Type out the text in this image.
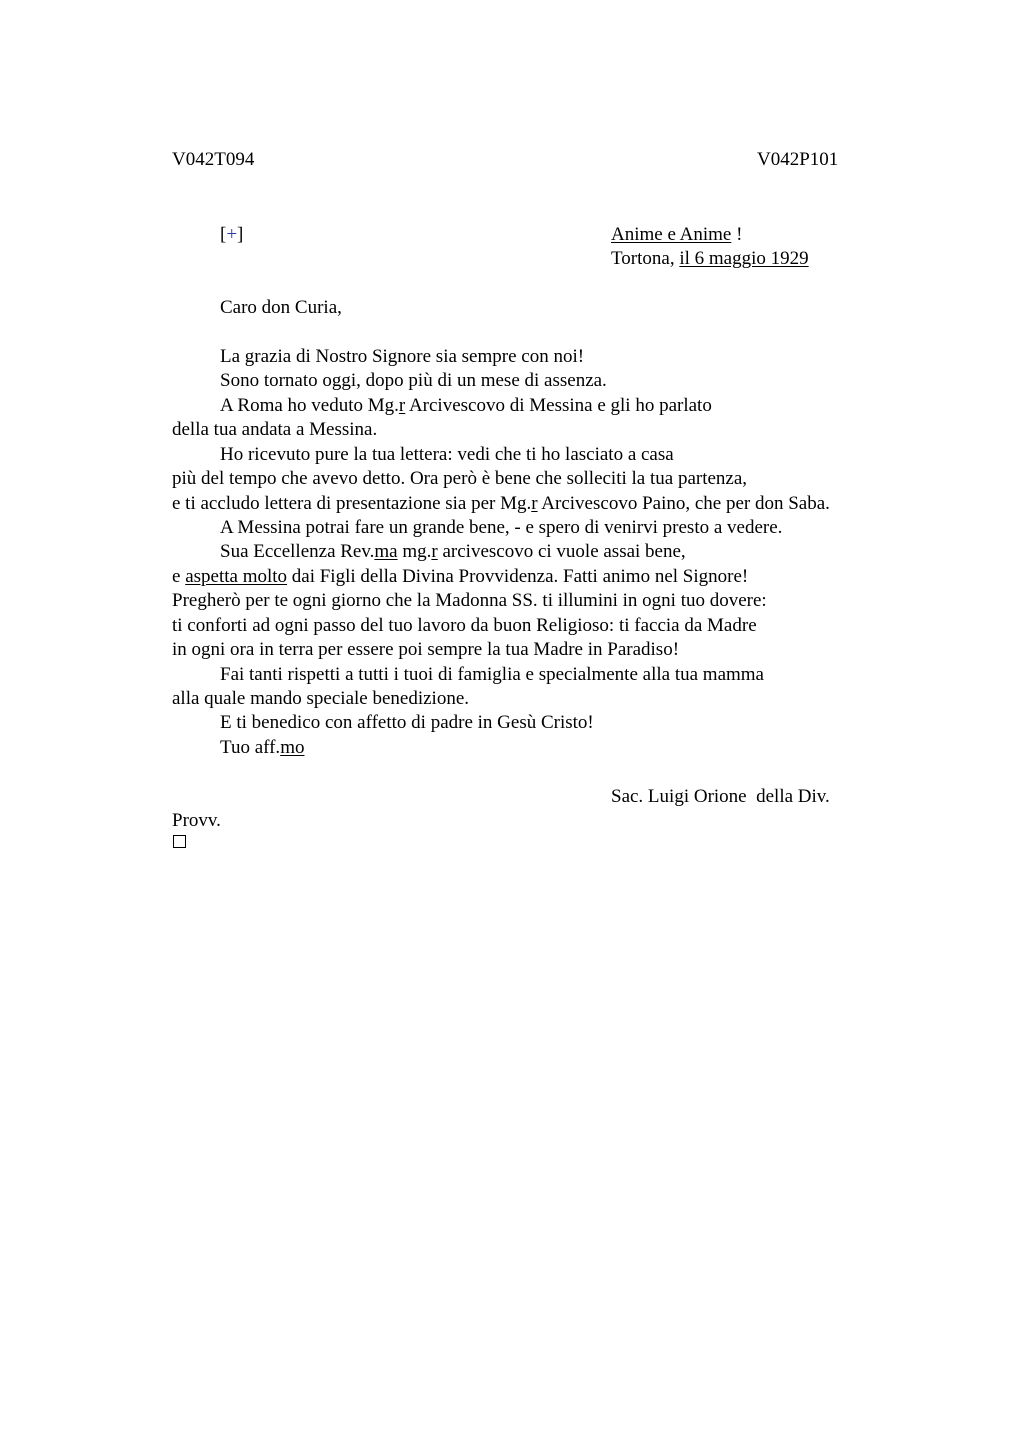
V042T094	V042P101
[+]	Anime e Anime !
Tortona, il 6 maggio 1929
Caro don Curia,
La grazia di Nostro Signore sia sempre con noi!
Sono tornato oggi, dopo più di un mese di assenza.
A Roma ho veduto Mg.r Arcivescovo di Messina e gli ho parlato
della tua andata a Messina.
Ho ricevuto pure la tua lettera: vedi che ti ho lasciato a casa
più del tempo che avevo detto. Ora però è bene che solleciti la tua partenza,
e ti accludo lettera di presentazione sia per Mg.r Arcivescovo Paino, che per don Saba.
A Messina potrai fare un grande bene, - e spero di venirvi presto a vedere.
Sua Eccellenza Rev.ma mg.r arcivescovo ci vuole assai bene,
e aspetta molto dai Figli della Divina Provvidenza. Fatti animo nel Signore!
Pregherò per te ogni giorno che la Madonna SS. ti illumini in ogni tuo dovere:
ti conforti ad ogni passo del tuo lavoro da buon Religioso: ti faccia da Madre
in ogni ora in terra per essere poi sempre la tua Madre in Paradiso!
Fai tanti rispetti a tutti i tuoi di famiglia e specialmente alla tua mamma
alla quale mando speciale benedizione.
E ti benedico con affetto di padre in Gesù Cristo!
Tuo aff.mo
Sac. Luigi Orione  della Div.
Provv.
